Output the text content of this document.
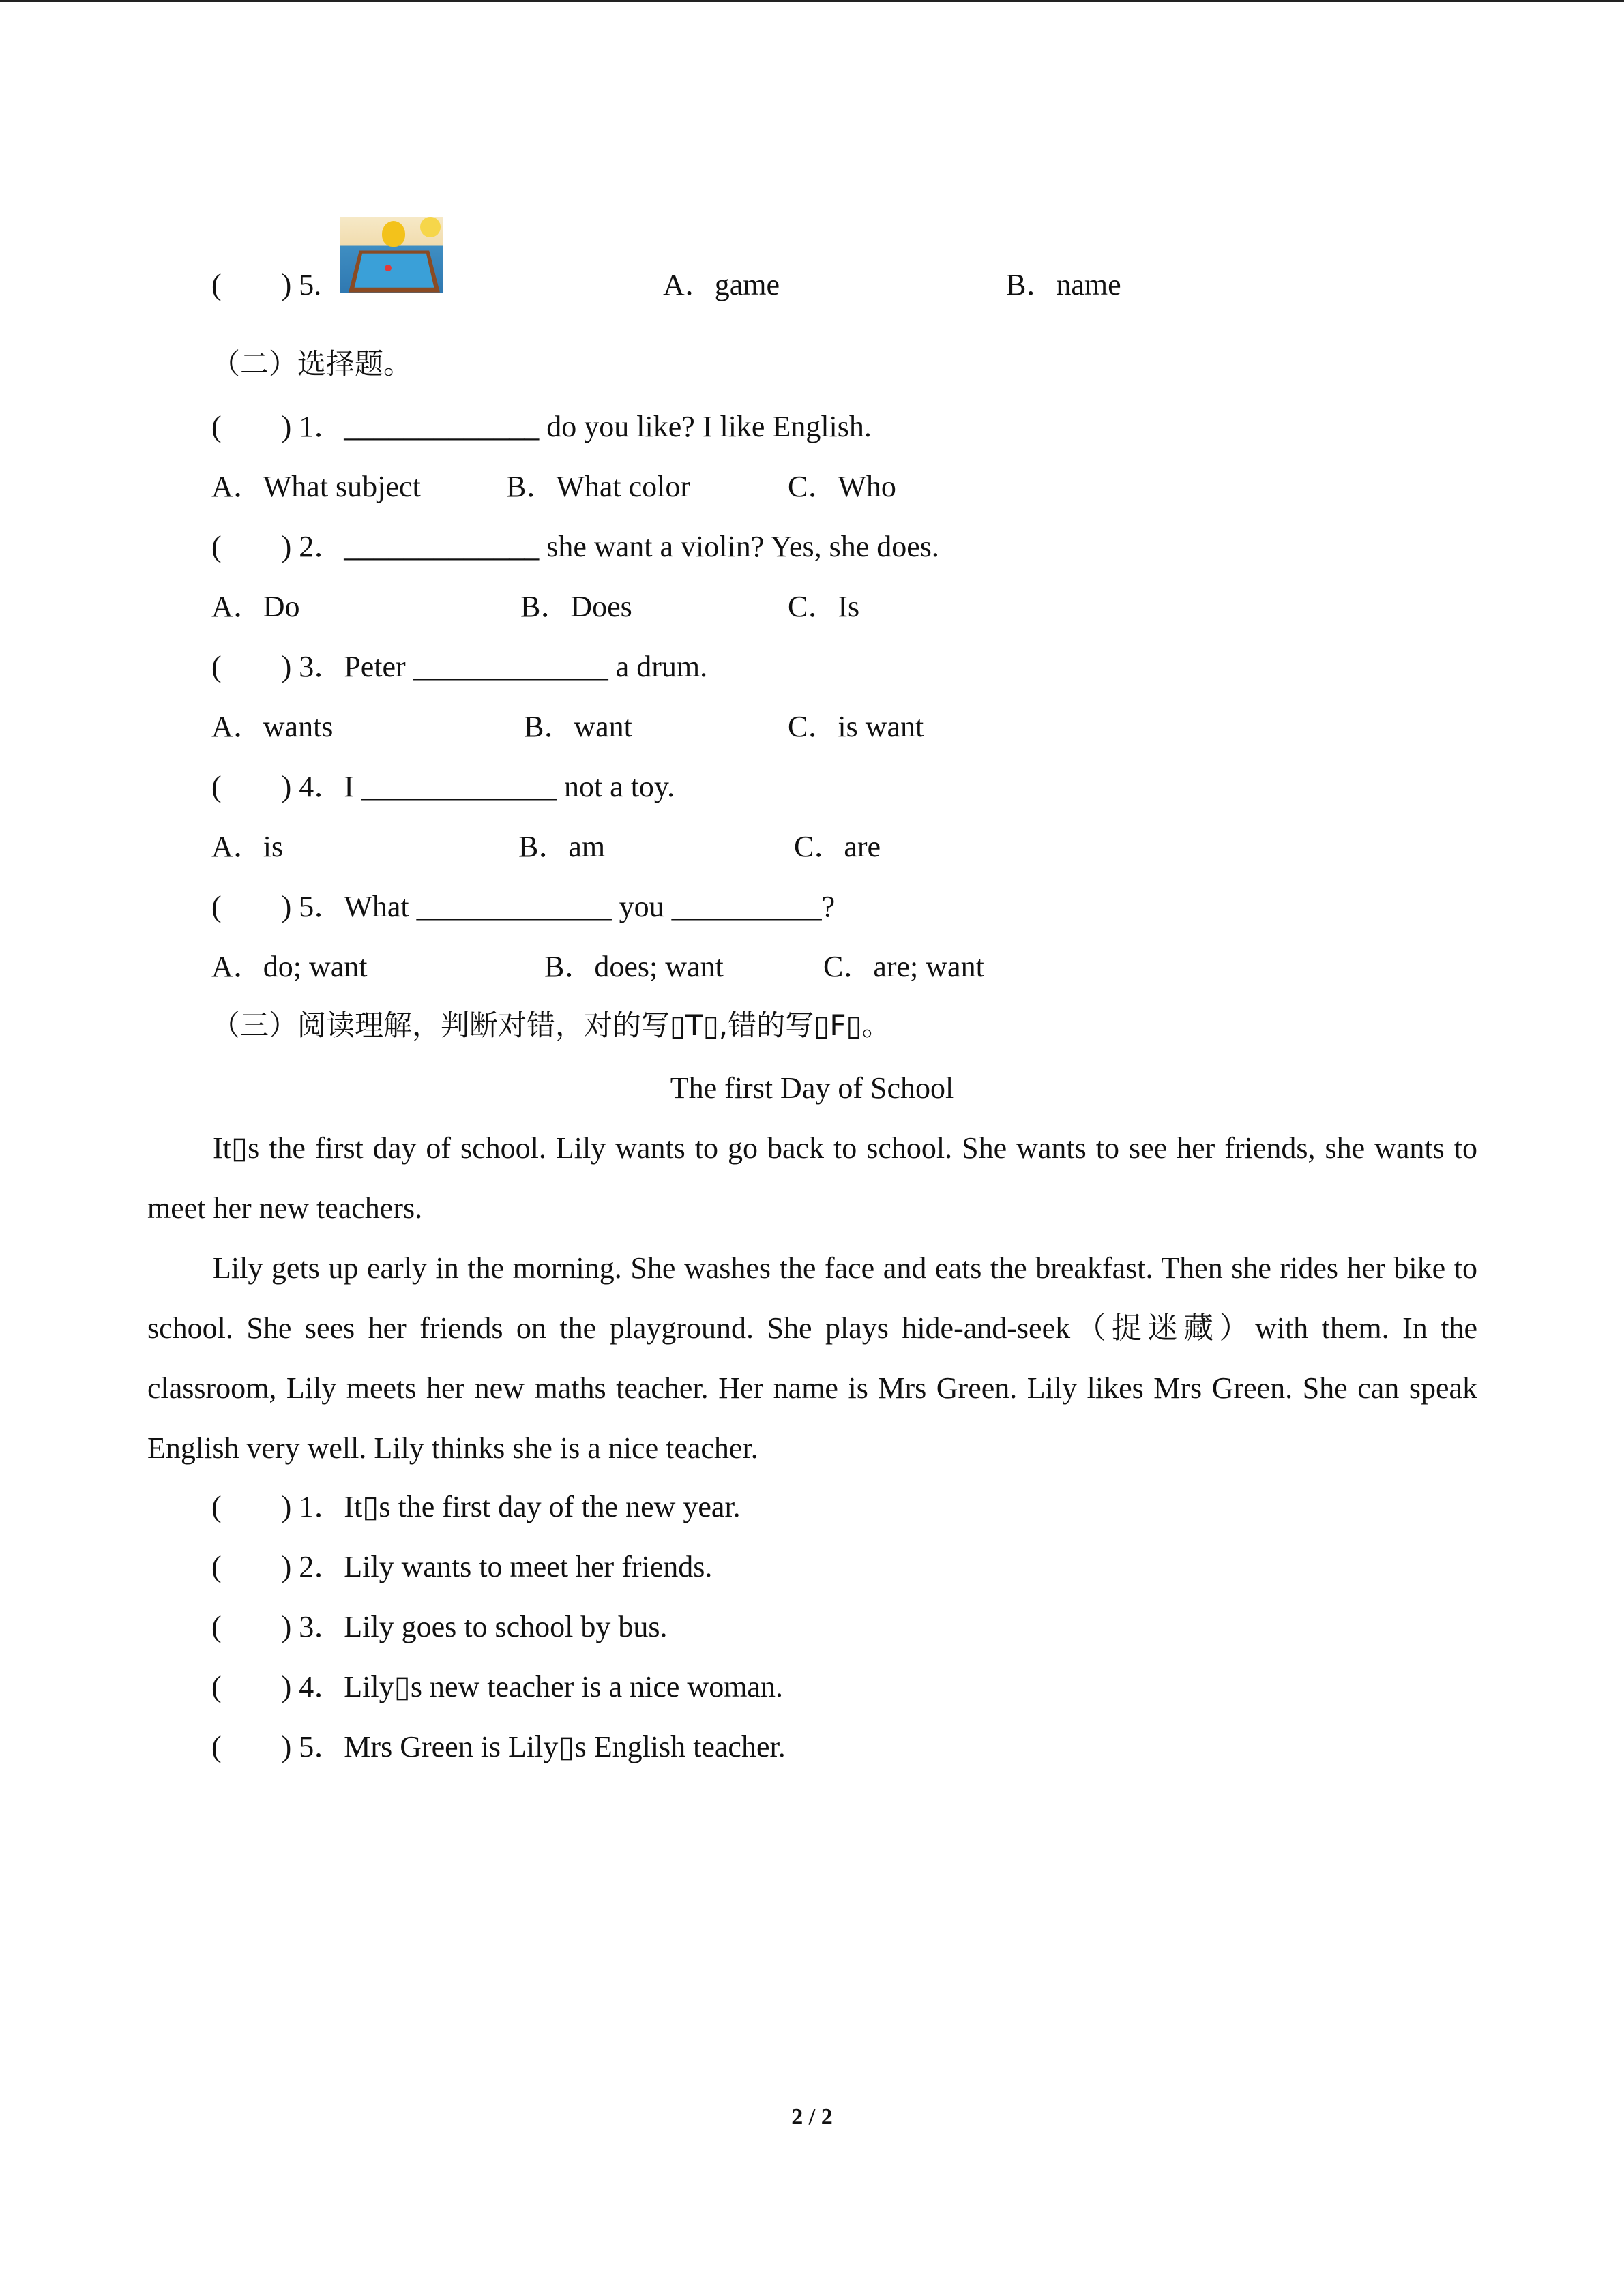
(        ) 5.	A．game	B．name
（二）选择题。
(        ) 1．_____________ do you like? I like English.
A．What subject	B．What color	C．Who
(        ) 2．_____________ she want a violin? Yes, she does.
A．Do	B．Does	C．Is
(        ) 3．Peter _____________ a drum.
A．wants	B．want	C．is want
(        ) 4．I _____________ not a toy.
A．is	B．am	C．are
(        ) 5．What _____________ you __________?
A．do; want	B．does; want	C．are; want
（三）阅读理解，判断对错，对的写▯T▯,错的写▯F▯。
The first Day of School
It▯s the first day of school. Lily wants to go back to school. She wants to see her friends, she wants to meet her new teachers.
Lily gets up early in the morning. She washes the face and eats the breakfast. Then she rides her bike to school. She sees her friends on the playground. She plays hide-and-seek（捉迷藏）with them. In the classroom, Lily meets her new maths teacher. Her name is Mrs Green. Lily likes Mrs Green. She can speak English very well. Lily thinks she is a nice teacher.
(        ) 1．It▯s the first day of the new year.
(        ) 2．Lily wants to meet her friends.
(        ) 3．Lily goes to school by bus.
(        ) 4．Lily▯s new teacher is a nice woman.
(        ) 5．Mrs Green is Lily▯s English teacher.
2 / 2
